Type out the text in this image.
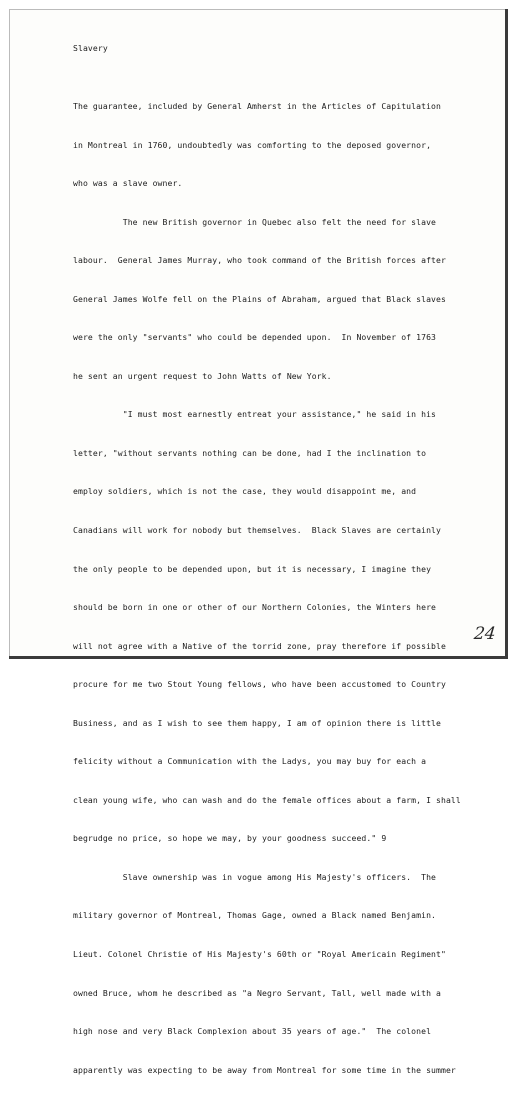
Slavery

The guarantee, included by General Amherst in the Articles of Capitulation

in Montreal in 1760, undoubtedly was comforting to the deposed governor,

who was a slave owner.

The new British governor in Quebec also felt the need for slave

labour.  General James Murray, who took command of the British forces after

General James Wolfe fell on the Plains of Abraham, argued that Black slaves

were the only "servants" who could be depended upon.  In November of 1763

he sent an urgent request to John Watts of New York.

"I must most earnestly entreat your assistance," he said in his

letter, "without servants nothing can be done, had I the inclination to

employ soldiers, which is not the case, they would disappoint me, and

Canadians will work for nobody but themselves.  Black Slaves are certainly

the only people to be depended upon, but it is necessary, I imagine they

should be born in one or other of our Northern Colonies, the Winters here

will not agree with a Native of the torrid zone, pray therefore if possible

procure for me two Stout Young fellows, who have been accustomed to Country

Business, and as I wish to see them happy, I am of opinion there is little

felicity without a Communication with the Ladys, you may buy for each a

clean young wife, who can wash and do the female offices about a farm, I shall

begrudge no price, so hope we may, by your goodness succeed." 9

Slave ownership was in vogue among His Majesty's officers.  The

military governor of Montreal, Thomas Gage, owned a Black named Benjamin.

Lieut. Colonel Christie of His Majesty's 60th or "Royal Americain Regiment"

owned Bruce, whom he described as "a Negro Servant, Tall, well made with a

high nose and very Black Complexion about 35 years of age."  The colonel

apparently was expecting to be away from Montreal for some time in the summer

24
